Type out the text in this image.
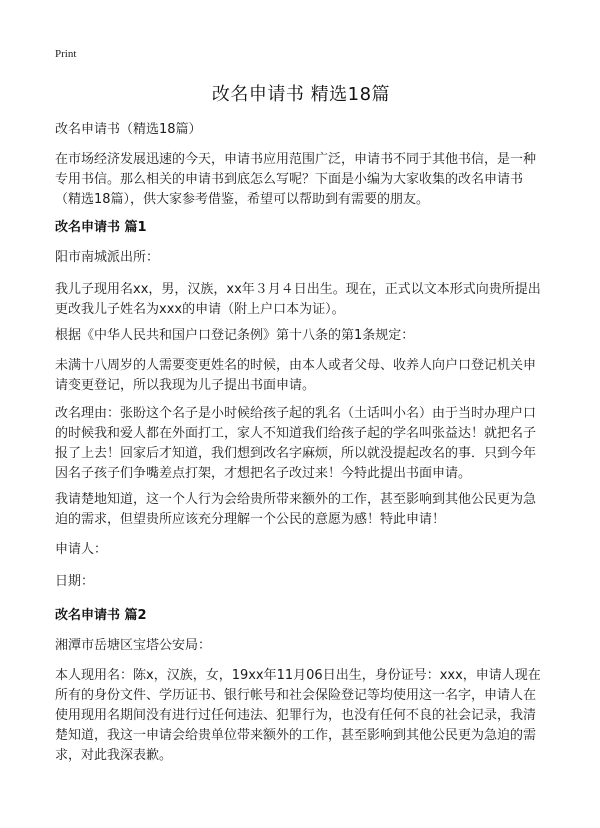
Print
改名申请书 精选18篇
改名申请书（精选18篇）
在市场经济发展迅速的今天，申请书应用范围广泛，申请书不同于其他书信，是一种专用书信。那么相关的申请书到底怎么写呢？下面是小编为大家收集的改名申请书（精选18篇），供大家参考借鉴，希望可以帮助到有需要的朋友。
改名申请书 篇1
阳市南城派出所：
我儿子现用名xx，男，汉族，xx年３月４日出生。现在，正式以文本形式向贵所提出更改我儿子姓名为xxx的申请（附上户口本为证）。
根据《中华人民共和国户口登记条例》第十八条的第1条规定：
未满十八周岁的人需要变更姓名的时候，由本人或者父母、收养人向户口登记机关申请变更登记，所以我现为儿子提出书面申请。
改名理由：张盼这个名子是小时候给孩子起的乳名（土话叫小名）由于当时办理户口的时候我和爱人都在外面打工，家人不知道我们给孩子起的学名叫张益达！就把名子报了上去！回家后才知道，我们想到改名字麻烦，所以就没提起改名的事．只到今年因名子孩子们争嘴差点打架，才想把名子改过来！今特此提出书面申请。
我请楚地知道，这一个人行为会给贵所带来额外的工作，甚至影响到其他公民更为急迫的需求，但望贵所应该充分理解一个公民的意愿为感！特此申请！
申请人：
日期：
改名申请书 篇2
湘潭市岳塘区宝塔公安局：
本人现用名：陈x，汉族，女，19xx年11月06日出生，身份证号：xxx，申请人现在所有的身份文件、学历证书、银行帐号和社会保险登记等均使用这一名字，申请人在使用现用名期间没有进行过任何违法、犯罪行为，也没有任何不良的社会记录，我清楚知道，我这一申请会给贵单位带来额外的工作，甚至影响到其他公民更为急迫的需求，对此我深表歉。
